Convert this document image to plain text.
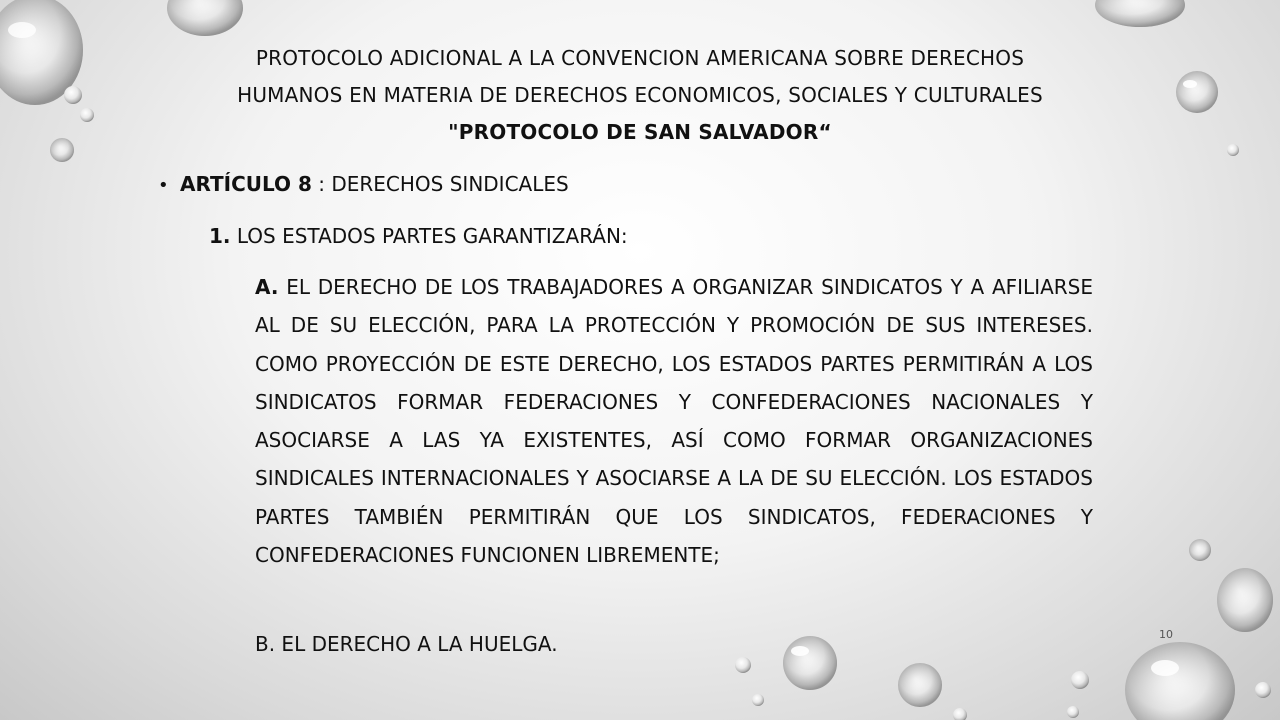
PROTOCOLO ADICIONAL A LA CONVENCION AMERICANA SOBRE DERECHOS
HUMANOS EN MATERIA DE DERECHOS ECONOMICOS, SOCIALES Y CULTURALES
"PROTOCOLO DE SAN SALVADOR“
• ARTÍCULO 8 : DERECHOS SINDICALES
1. LOS ESTADOS PARTES GARANTIZARÁN:
A. EL DERECHO DE LOS TRABAJADORES A ORGANIZAR SINDICATOS Y A AFILIARSE AL DE SU ELECCIÓN, PARA LA PROTECCIÓN Y PROMOCIÓN DE SUS INTERESES. COMO PROYECCIÓN DE ESTE DERECHO, LOS ESTADOS PARTES PERMITIRÁN A LOS SINDICATOS FORMAR FEDERACIONES Y CONFEDERACIONES NACIONALES Y ASOCIARSE A LAS YA EXISTENTES, ASÍ COMO FORMAR ORGANIZACIONES SINDICALES INTERNACIONALES Y ASOCIARSE A LA DE SU ELECCIÓN. LOS ESTADOS PARTES TAMBIÉN PERMITIRÁN QUE LOS SINDICATOS, FEDERACIONES Y CONFEDERACIONES FUNCIONEN LIBREMENTE;
B. EL DERECHO A LA HUELGA.	10
